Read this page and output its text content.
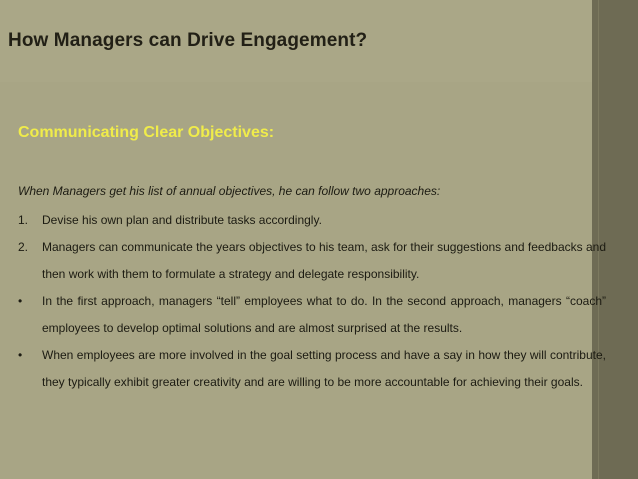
How Managers can Drive Engagement?
Communicating Clear Objectives:

When Managers get his list of annual objectives, he can follow two approaches:

1.	Devise his own plan and distribute tasks accordingly.
2.	Managers can communicate the years objectives to his team, ask for their suggestions and feedbacks and then work with them to formulate a strategy and delegate responsibility.
•	In the first approach, managers “tell” employees what to do. In the second approach, managers “coach” employees to develop optimal solutions and are almost surprised at the results.
•	When employees are more involved in the goal setting process and have a say in how they will contribute, they typically exhibit greater creativity and are willing to be more accountable for achieving their goals.
